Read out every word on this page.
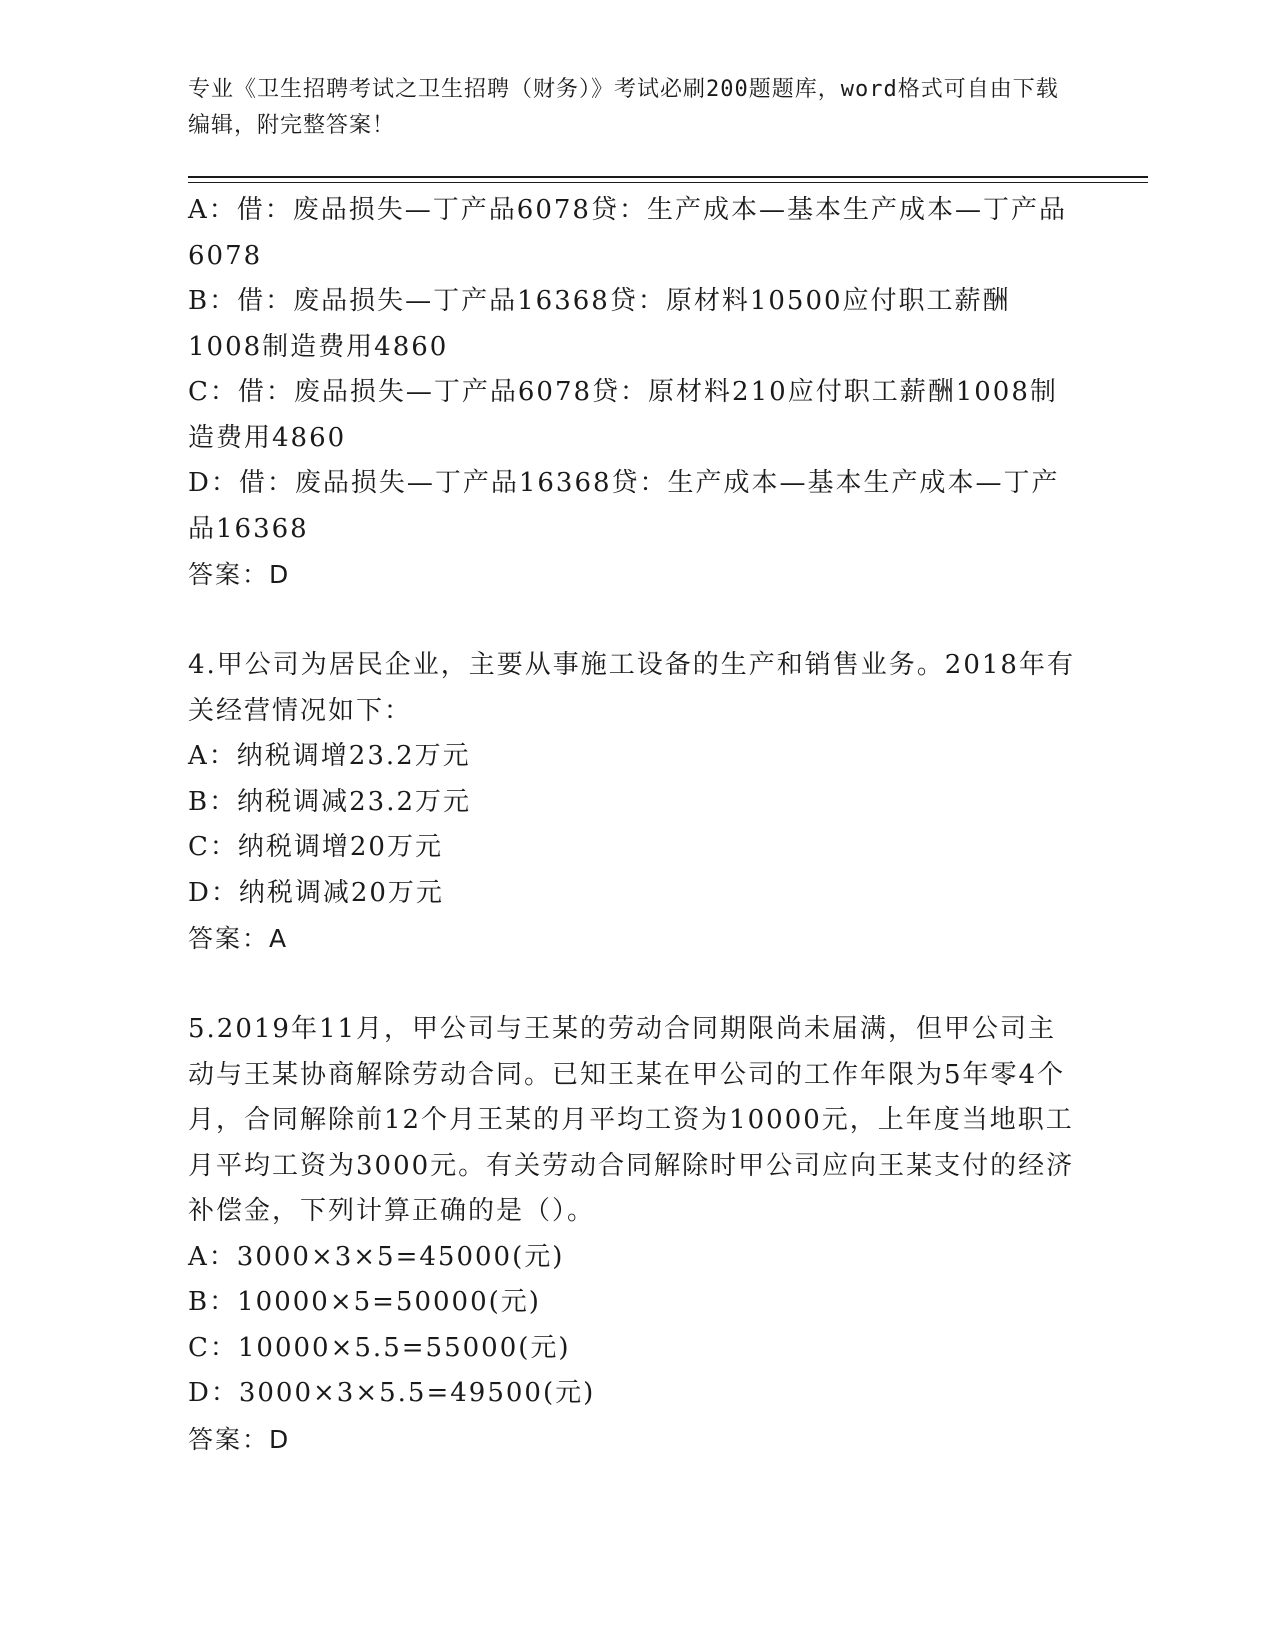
专业《卫生招聘考试之卫生招聘（财务）》考试必刷200题题库，word格式可自由下载编辑，附完整答案！

A：借：废品损失—丁产品6078贷：生产成本—基本生产成本—丁产品6078

B：借：废品损失—丁产品16368贷：原材料10500应付职工薪酬1008制造费用4860

C：借：废品损失—丁产品6078贷：原材料210应付职工薪酬1008制造费用4860

D：借：废品损失—丁产品16368贷：生产成本—基本生产成本—丁产品16368

答案：D

4.甲公司为居民企业，主要从事施工设备的生产和销售业务。2018年有关经营情况如下：

A：纳税调增23.2万元

B：纳税调减23.2万元

C：纳税调增20万元

D：纳税调减20万元

答案：A

5.2019年11月，甲公司与王某的劳动合同期限尚未届满，但甲公司主动与王某协商解除劳动合同。已知王某在甲公司的工作年限为5年零4个月，合同解除前12个月王某的月平均工资为10000元，上年度当地职工月平均工资为3000元。有关劳动合同解除时甲公司应向王某支付的经济补偿金，下列计算正确的是（）。

A：3000×3×5=45000(元)

B：10000×5=50000(元)

C：10000×5.5=55000(元)

D：3000×3×5.5=49500(元)

答案：D
